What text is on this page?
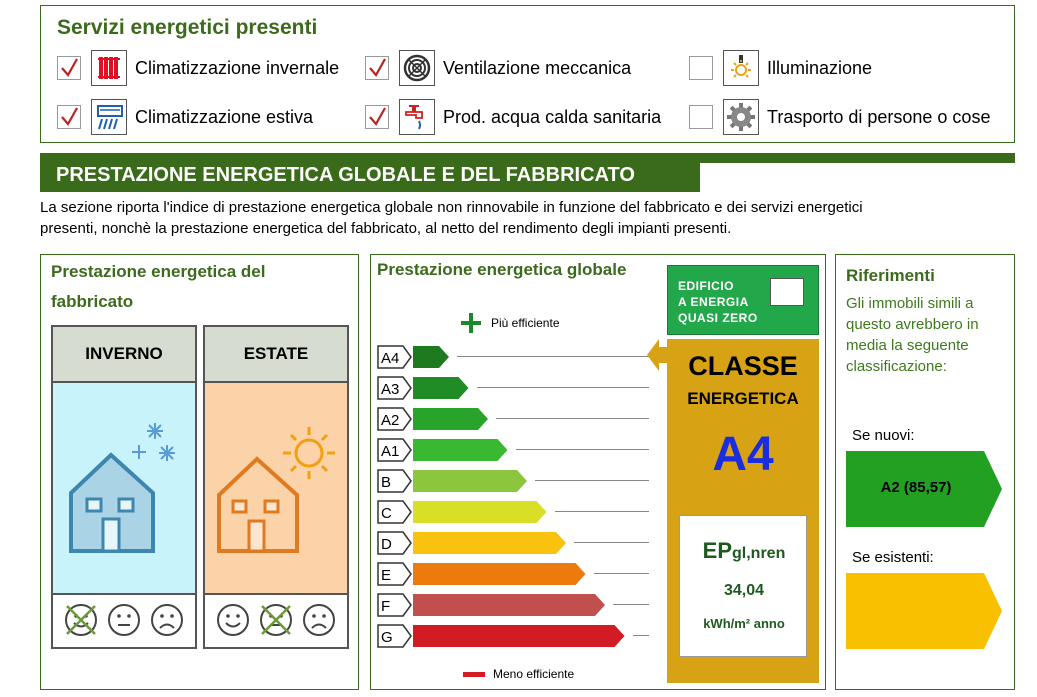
Servizi energetici presenti
Climatizzazione invernale	Ventilazione meccanica	Illuminazione
Climatizzazione estiva	Prod. acqua calda sanitaria	Trasporto di persone o cose
PRESTAZIONE ENERGETICA GLOBALE E DEL FABBRICATO
La sezione riporta l'indice di prestazione energetica globale non rinnovabile in funzione del fabbricato e dei servizi energetici
presenti, nonchè la prestazione energetica del fabbricato, al netto del rendimento degli impianti presenti.
Prestazione energetica del
fabbricato
INVERNO	ESTATE
Prestazione energetica globale
Più efficiente
A4
A3
A2
A1
B
C
D
E
F
G
Meno efficiente
EDIFICIO
A ENERGIA
QUASI ZERO
CLASSE
ENERGETICA
A4
EPgl,nren
34,04
kWh/m² anno
Riferimenti
Gli immobili simili a questo avrebbero in media la seguente classificazione:
Se nuovi:
A2 (85,57)
Se esistenti:
